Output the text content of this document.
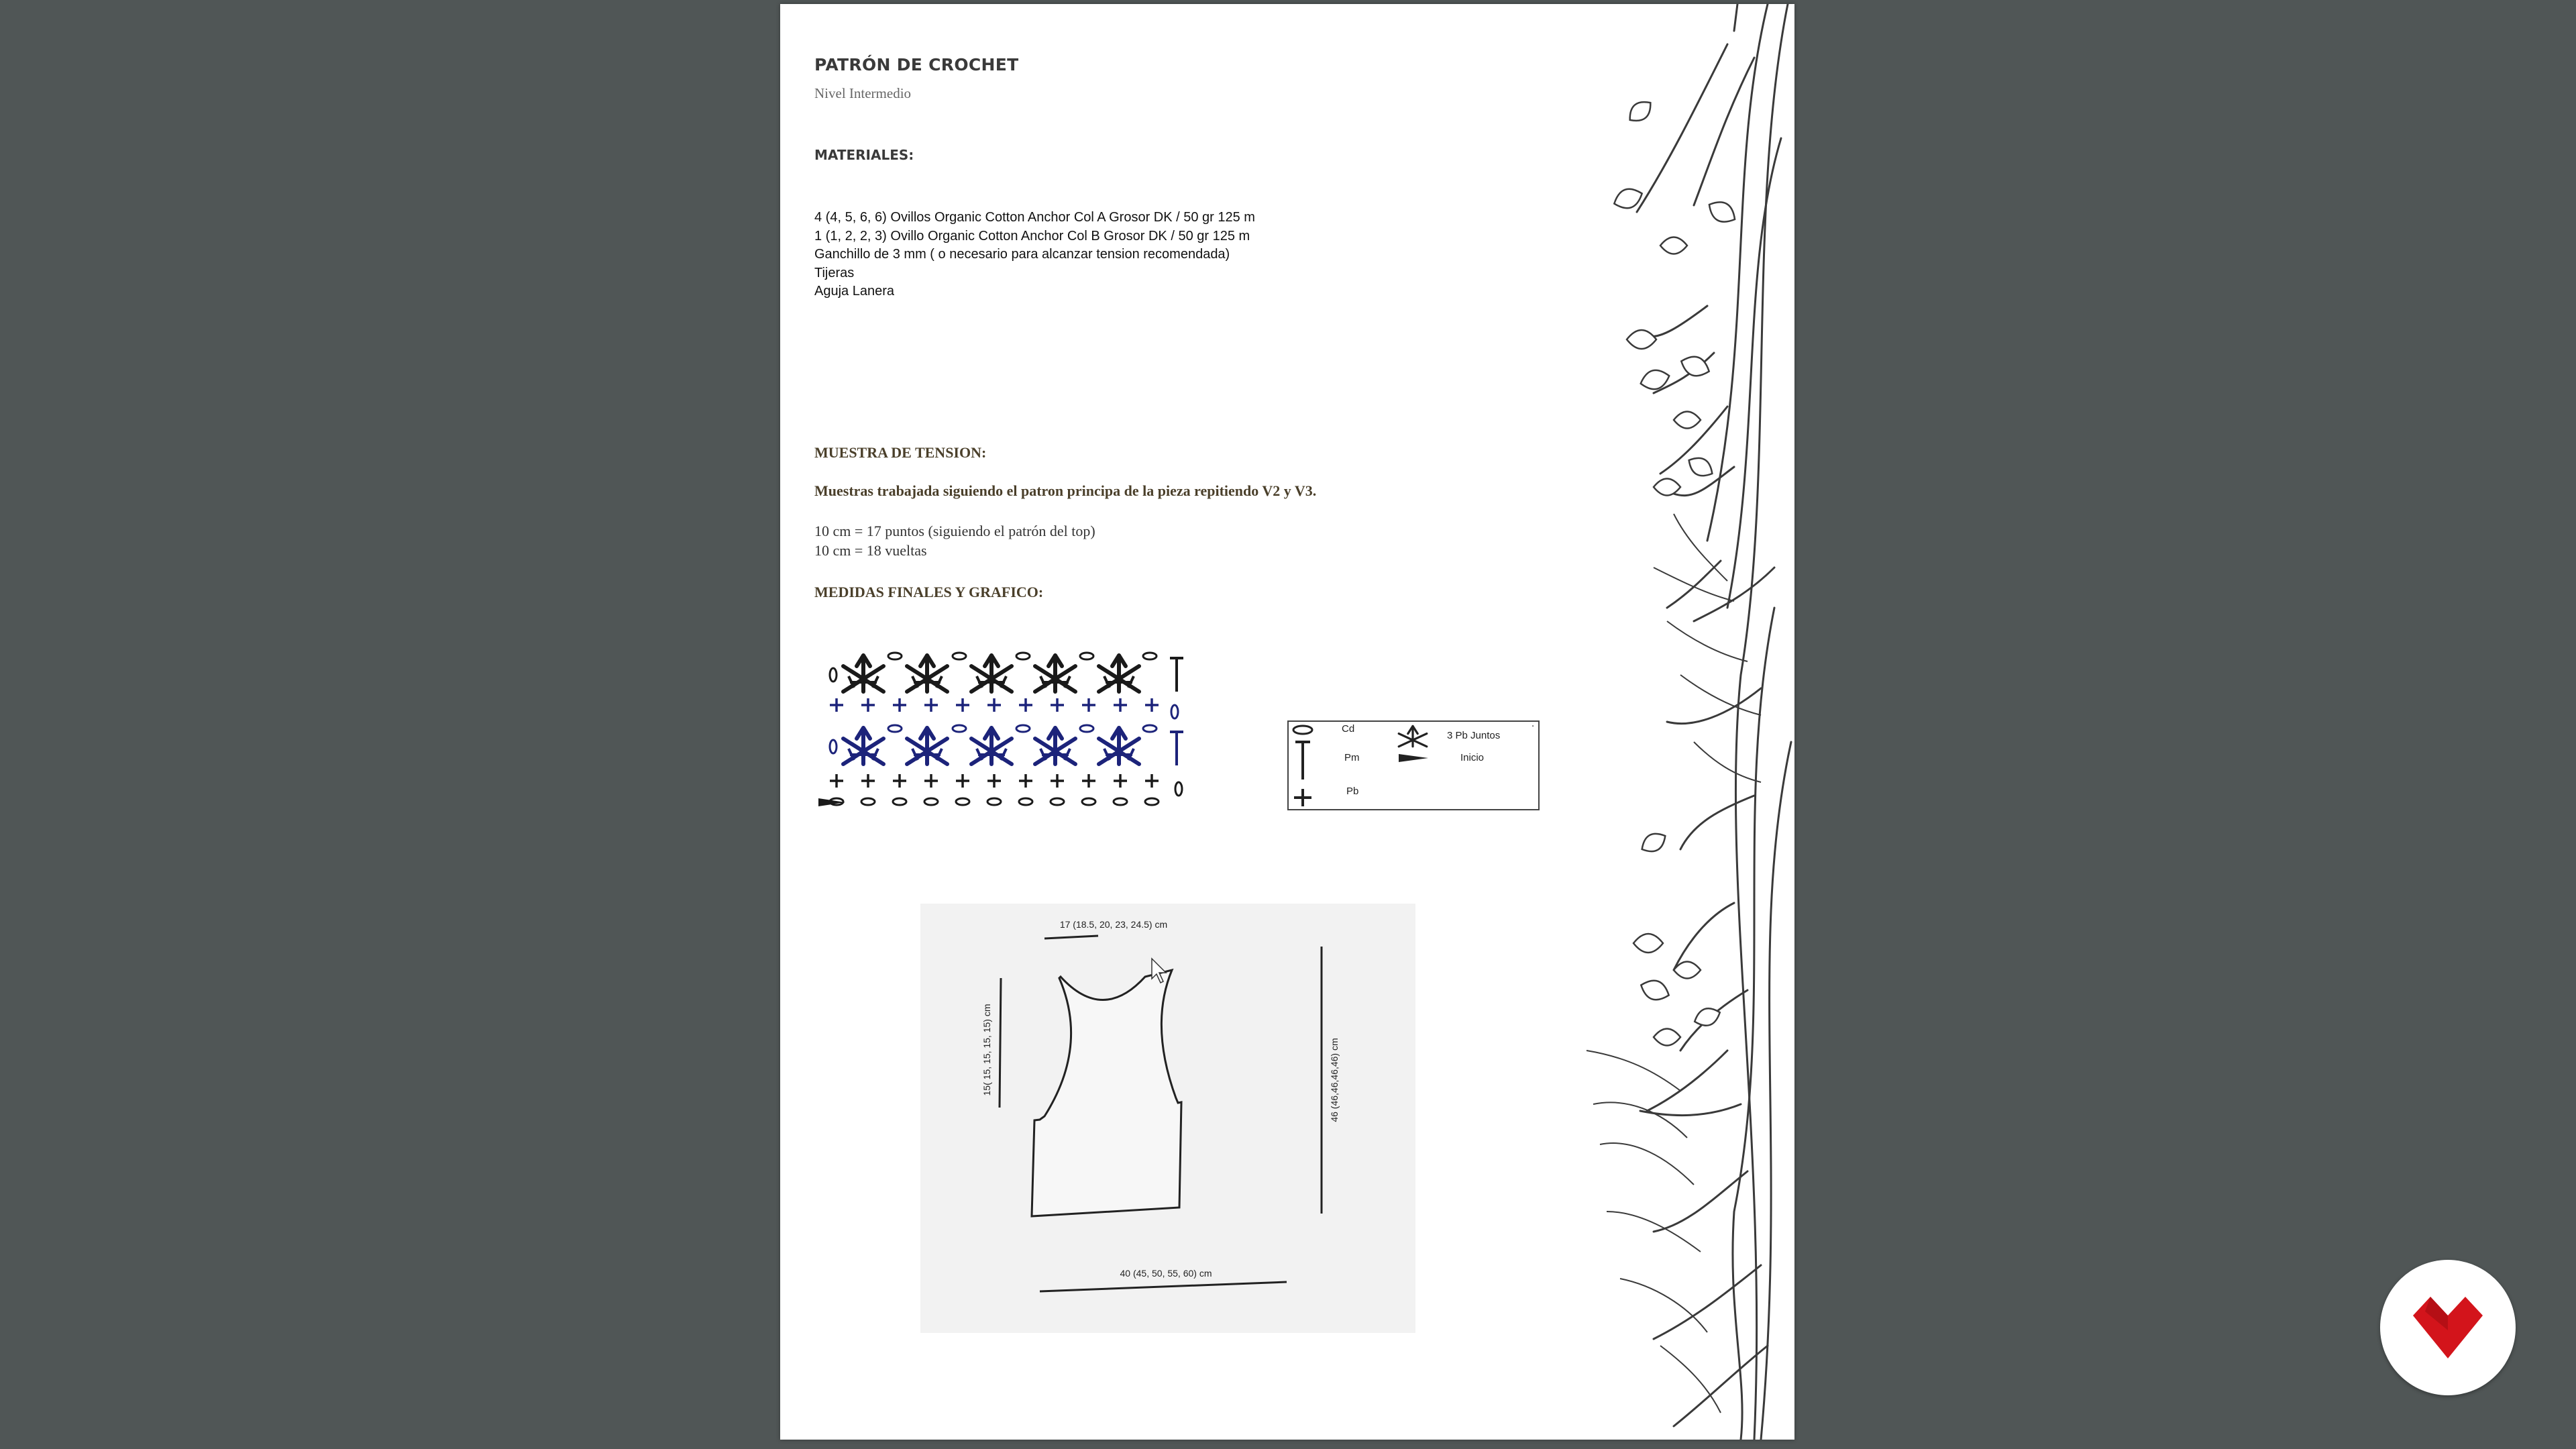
PATRÓN DE CROCHET
Nivel Intermedio
MATERIALES:
4 (4, 5, 6, 6) Ovillos Organic Cotton Anchor Col A Grosor DK / 50 gr 125 m
1 (1, 2, 2, 3) Ovillo Organic Cotton Anchor Col B Grosor DK / 50 gr 125 m
Ganchillo de 3 mm ( o necesario para alcanzar tension recomendada)
Tijeras
Aguja Lanera
MUESTRA DE TENSION:
Muestras trabajada siguiendo el patron principa de la pieza repitiendo V2 y V3.
10 cm = 17 puntos (siguiendo el patrón del top)
10 cm = 18 vueltas
MEDIDAS FINALES Y GRAFICO:
Cd
Pm
Pb
3 Pb Juntos
Inicio
.
17 (18.5, 20, 23, 24.5) cm
15( 15, 15, 15, 15) cm	46 (46,46,46,46) cm
40 (45, 50, 55, 60) cm
